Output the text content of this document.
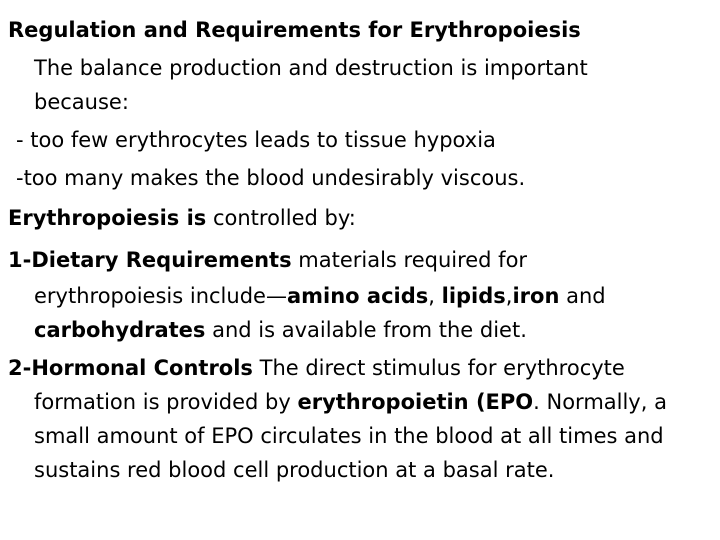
Regulation and Requirements for Erythropoiesis
The balance production and destruction is important
because:
- too few erythrocytes leads to tissue hypoxia
-too many makes the blood undesirably viscous.
Erythropoiesis is controlled by:
1-Dietary Requirements materials required for
erythropoiesis include—amino acids, lipids,iron and
carbohydrates and is available from the diet.
2-Hormonal Controls The direct stimulus for erythrocyte
formation is provided by erythropoietin (EPO. Normally, a
small amount of EPO circulates in the blood at all times and
sustains red blood cell production at a basal rate.
